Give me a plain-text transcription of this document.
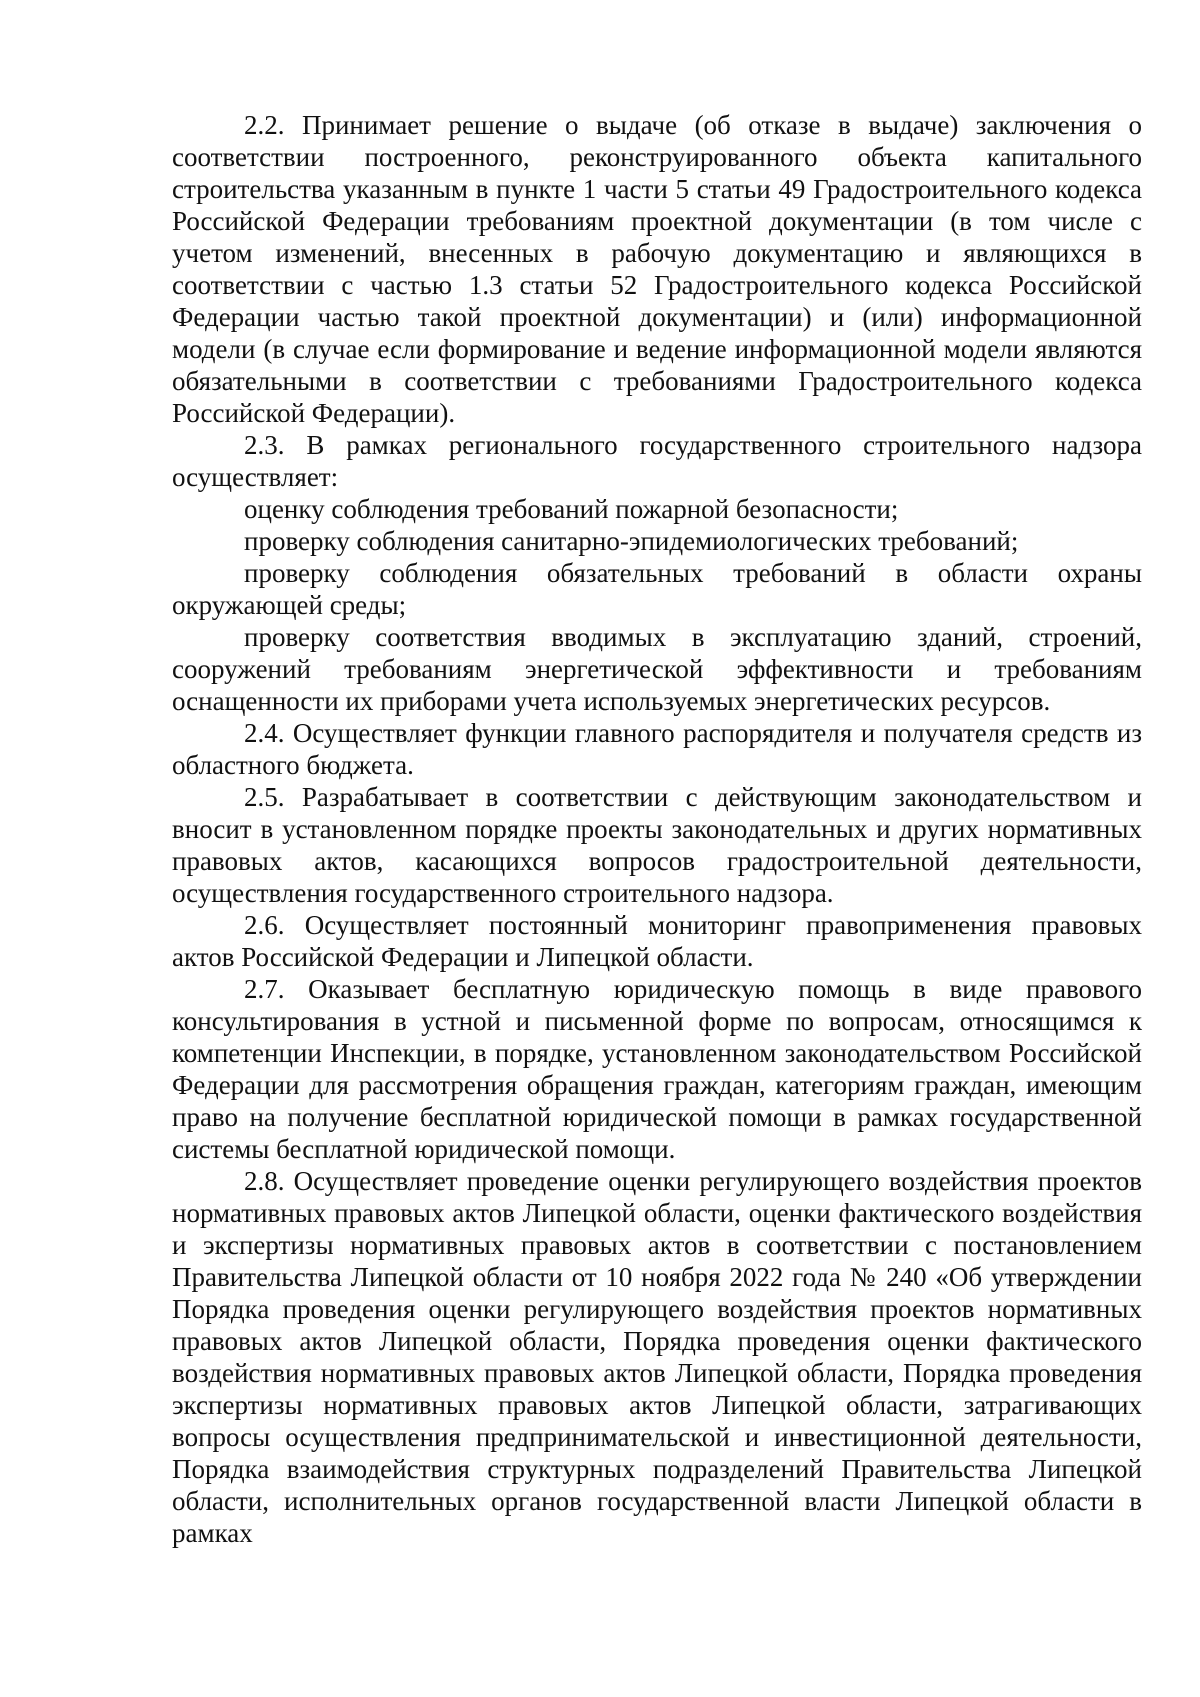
2.2. Принимает решение о выдаче (об отказе в выдаче) заключения о соответствии построенного, реконструированного объекта капитального строительства указанным в пункте 1 части 5 статьи 49 Градостроительного кодекса Российской Федерации требованиям проектной документации (в том числе с учетом изменений, внесенных в рабочую документацию и являющихся в соответствии с частью 1.3 статьи 52 Градостроительного кодекса Российской Федерации частью такой проектной документации) и (или) информационной модели (в случае если формирование и ведение информационной модели являются обязательными в соответствии с требованиями Градостроительного кодекса Российской Федерации).

2.3. В рамках регионального государственного строительного надзора осуществляет:

оценку соблюдения требований пожарной безопасности;

проверку соблюдения санитарно-эпидемиологических требований;

проверку соблюдения обязательных требований в области охраны окружающей среды;

проверку соответствия вводимых в эксплуатацию зданий, строений, сооружений требованиям энергетической эффективности и требованиям оснащенности их приборами учета используемых энергетических ресурсов.

2.4. Осуществляет функции главного распорядителя и получателя средств из областного бюджета.

2.5. Разрабатывает в соответствии с действующим законодательством и вносит в установленном порядке проекты законодательных и других нормативных правовых актов, касающихся вопросов градостроительной деятельности, осуществления государственного строительного надзора.

2.6. Осуществляет постоянный мониторинг правоприменения правовых актов Российской Федерации и Липецкой области.

2.7. Оказывает бесплатную юридическую помощь в виде правового консультирования в устной и письменной форме по вопросам, относящимся к компетенции Инспекции, в порядке, установленном законодательством Российской Федерации для рассмотрения обращения граждан, категориям граждан, имеющим право на получение бесплатной юридической помощи в рамках государственной системы бесплатной юридической помощи.

2.8. Осуществляет проведение оценки регулирующего воздействия проектов нормативных правовых актов Липецкой области, оценки фактического воздействия и экспертизы нормативных правовых актов в соответствии с постановлением Правительства Липецкой области от 10 ноября 2022 года № 240 «Об утверждении Порядка проведения оценки регулирующего воздействия проектов нормативных правовых актов Липецкой области, Порядка проведения оценки фактического воздействия нормативных правовых актов Липецкой области, Порядка проведения экспертизы нормативных правовых актов Липецкой области, затрагивающих вопросы осуществления предпринимательской и инвестиционной деятельности, Порядка взаимодействия структурных подразделений Правительства Липецкой области, исполнительных органов государственной власти Липецкой области в рамках
